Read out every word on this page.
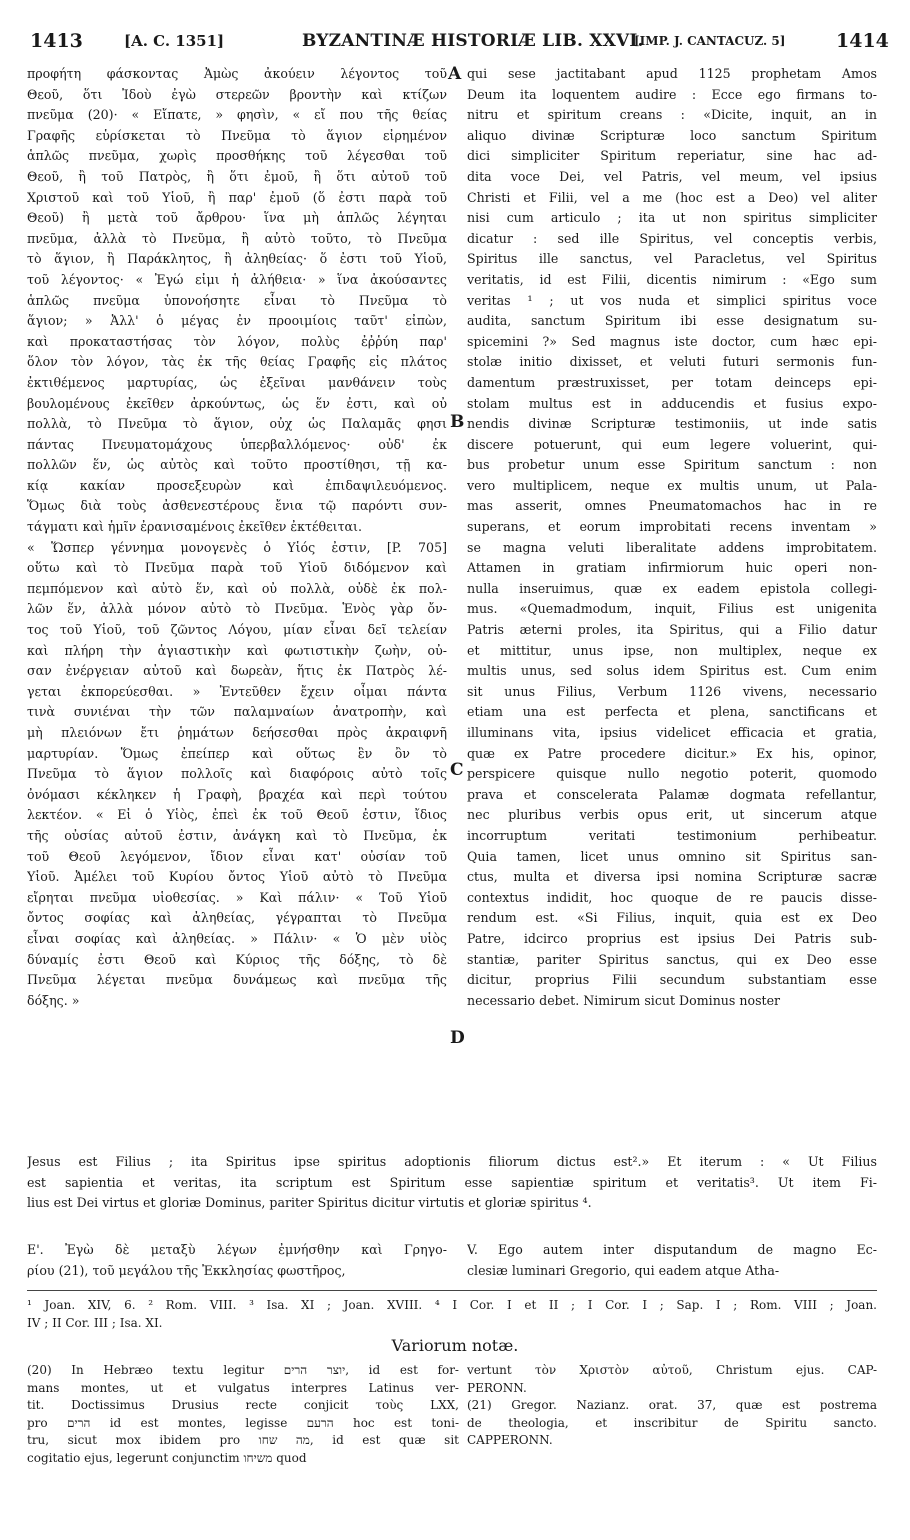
1413	[A. C. 1351]	BYZANTINÆ HISTORIÆ LIB. XXVI.
[IMP. J. CANTACUZ. 5]	1414
προφήτη φάσκοντας Ἀμὼς ἀκούειν λέγοντος τοῦ
Θεοῦ, ὅτι Ἰδοὺ ἐγὼ στερεῶν βροντὴν καὶ κτίζων
πνεῦμα (20)· « Εἴπατε, » φησὶν, « εἴ που τῆς θείας
Γραφῆς εὑρίσκεται τὸ Πνεῦμα τὸ ἅγιον εἰρημένον
ἁπλῶς πνεῦμα, χωρὶς προσθήκης τοῦ λέγεσθαι τοῦ
Θεοῦ, ἢ τοῦ Πατρὸς, ἢ ὅτι ἐμοῦ, ἢ ὅτι αὐτοῦ τοῦ
Χριστοῦ καὶ τοῦ Υἱοῦ, ἢ παρ' ἐμοῦ (ὅ ἐστι παρὰ τοῦ
Θεοῦ) ἢ μετὰ τοῦ ἄρθρου· ἵνα μὴ ἁπλῶς λέγηται
πνεῦμα, ἀλλὰ τὸ Πνεῦμα, ἢ αὐτὸ τοῦτο, τὸ Πνεῦμα
τὸ ἅγιον, ἢ Παράκλητος, ἢ ἀληθείας· ὅ ἐστι τοῦ Υἱοῦ,
τοῦ λέγοντος· « Ἐγώ εἰμι ἡ ἀλήθεια· » ἵνα ἀκούσαντες
ἁπλῶς πνεῦμα ὑπονοήσητε εἶναι τὸ Πνεῦμα τὸ
ἅγιον; » Ἀλλ' ὁ μέγας ἐν προοιμίοις ταῦτ' εἰπὼν,
καὶ προκαταστήσας τὸν λόγον, πολὺς ἐῤῥύη παρ'
ὅλον τὸν λόγον, τὰς ἐκ τῆς θείας Γραφῆς εἰς πλάτος
ἐκτιθέμενος μαρτυρίας, ὡς ἐξεῖναι μανθάνειν τοὺς
βουλομένους ἐκεῖθεν ἀρκούντως, ὡς ἕν ἐστι, καὶ οὐ
πολλὰ, τὸ Πνεῦμα τὸ ἅγιον, οὐχ ὡς Παλαμᾶς φησι
πάντας Πνευματομάχους ὑπερβαλλόμενος· οὐδ' ἐκ
πολλῶν ἕν, ὡς αὐτὸς καὶ τοῦτο προστίθησι, τῇ κα-
κίᾳ κακίαν προσεξευρὼν καὶ ἐπιδαψιλευόμενος.
Ὅμως διὰ τοὺς ἀσθενεστέρους ἔνια τῷ παρόντι συν-
τάγματι καὶ ἡμῖν ἐρανισαμένοις ἐκεῖθεν ἐκτέθειται.
« Ὥσπερ γέννημα μονογενὲς ὁ Υἱός ἐστιν, [P. 705]
οὕτω καὶ τὸ Πνεῦμα παρὰ τοῦ Υἱοῦ διδόμενον καὶ
πεμπόμενον καὶ αὐτὸ ἕν, καὶ οὐ πολλὰ, οὐδὲ ἐκ πολ-
λῶν ἕν, ἀλλὰ μόνον αὐτὸ τὸ Πνεῦμα. Ἑνὸς γὰρ ὄν-
τος τοῦ Υἱοῦ, τοῦ ζῶντος Λόγου, μίαν εἶναι δεῖ τελείαν
καὶ πλήρη τὴν ἁγιαστικὴν καὶ φωτιστικὴν ζωὴν, οὐ-
σαν ἐνέργειαν αὐτοῦ καὶ δωρεὰν, ἥτις ἐκ Πατρὸς λέ-
γεται ἐκπορεύεσθαι. » Ἐντεῦθεν ἔχειν οἶμαι πάντα
τινὰ συνιέναι τὴν τῶν παλαμναίων ἀνατροπὴν, καὶ
μὴ πλειόνων ἔτι ῥημάτων δεήσεσθαι πρὸς ἀκραιφνῆ
μαρτυρίαν. Ὅμως ἐπείπερ καὶ οὕτως ἓν ὂν τὸ
Πνεῦμα τὸ ἅγιον πολλοῖς καὶ διαφόροις αὐτὸ τοῖς
ὀνόμασι κέκληκεν ἡ Γραφὴ, βραχέα καὶ περὶ τούτου
λεκτέον. « Εἰ ὁ Υἱὸς, ἐπεὶ ἐκ τοῦ Θεοῦ ἐστιν, ἴδιος
τῆς οὐσίας αὐτοῦ ἐστιν, ἀνάγκη καὶ τὸ Πνεῦμα, ἐκ
τοῦ Θεοῦ λεγόμενον, ἴδιον εἶναι κατ' οὐσίαν τοῦ
Υἱοῦ. Ἀμέλει τοῦ Κυρίου ὄντος Υἱοῦ αὐτὸ τὸ Πνεῦμα
εἴρηται πνεῦμα υἱοθεσίας. » Καὶ πάλιν· « Τοῦ Υἱοῦ
ὄντος σοφίας καὶ ἀληθείας, γέγραπται τὸ Πνεῦμα
εἶναι σοφίας καὶ ἀληθείας. » Πάλιν· « Ὁ μὲν υἱὸς
δύναμίς ἐστι Θεοῦ καὶ Κύριος τῆς δόξης, τὸ δὲ
Πνεῦμα λέγεται πνεῦμα δυνάμεως καὶ πνεῦμα τῆς
δόξης. »
qui sese jactitabant apud 1125 prophetam Amos
Deum ita loquentem audire : Ecce ego firmans to-
nitru et spiritum creans : «Dicite, inquit, an in
aliquo divinæ Scripturæ loco sanctum Spiritum
dici simpliciter Spiritum reperiatur, sine hac ad-
dita voce Dei, vel Patris, vel meum, vel ipsius
Christi et Filii, vel a me (hoc est a Deo) vel aliter
nisi cum articulo ; ita ut non spiritus simpliciter
dicatur : sed ille Spiritus, vel conceptis verbis,
Spiritus ille sanctus, vel Paracletus, vel Spiritus
veritatis, id est Filii, dicentis nimirum : «Ego sum
veritas ¹ ; ut vos nuda et simplici spiritus voce
audita, sanctum Spiritum ibi esse designatum su-
spicemini ?» Sed magnus iste doctor, cum hæc epi-
stolæ initio dixisset, et veluti futuri sermonis fun-
damentum præstruxisset, per totam deinceps epi-
stolam multus est in adducendis et fusius expo-
nendis divinæ Scripturæ testimoniis, ut inde satis
discere potuerunt, qui eum legere voluerint, qui-
bus probetur unum esse Spiritum sanctum : non
vero multiplicem, neque ex multis unum, ut Pala-
mas asserit, omnes Pneumatomachos hac in re
superans, et eorum improbitati recens inventam »
se magna veluti liberalitate addens improbitatem.
Attamen in gratiam infirmiorum huic operi non-
nulla inseruimus, quæ ex eadem epistola collegi-
mus. «Quemadmodum, inquit, Filius est unigenita
Patris æterni proles, ita Spiritus, qui a Filio datur
et mittitur, unus ipse, non multiplex, neque ex
multis unus, sed solus idem Spiritus est. Cum enim
sit unus Filius, Verbum 1126 vivens, necessario
etiam una est perfecta et plena, sanctificans et
illuminans vita, ipsius videlicet efficacia et gratia,
quæ ex Patre procedere dicitur.» Ex his, opinor,
perspicere quisque nullo negotio poterit, quomodo
prava et conscelerata Palamæ dogmata refellantur,
nec pluribus verbis opus erit, ut sincerum atque
incorruptum veritati testimonium perhibeatur.
Quia tamen, licet unus omnino sit Spiritus san-
ctus, multa et diversa ipsi nomina Scripturæ sacræ
contextus indidit, hoc quoque de re paucis disse-
rendum est. «Si Filius, inquit, quia est ex Deo
Patre, idcirco proprius est ipsius Dei Patris sub-
stantiæ, pariter Spiritus sanctus, qui ex Deo esse
dicitur, proprius Filii secundum substantiam esse
necessario debet. Nimirum sicut Dominus noster
A
B
C
D
Jesus est Filius ; ita Spiritus ipse spiritus adoptionis filiorum dictus est².» Et iterum : « Ut Filius
est sapientia et veritas, ita scriptum est Spiritum esse sapientiæ spiritum et veritatis³. Ut item Fi-
lius est Dei virtus et gloriæ Dominus, pariter Spiritus dicitur virtutis et gloriæ spiritus ⁴.
Ε'. Ἐγὼ δὲ μεταξὺ λέγων ἐμνήσθην καὶ Γρηγο-
ρίου (21), τοῦ μεγάλου τῆς Ἐκκλησίας φωστῆρος,
V. Ego autem inter disputandum de magno Ec-
clesiæ luminari Gregorio, qui eadem atque Atha-
¹ Joan. XIV, 6. ² Rom. VIII. ³ Isa. XI ; Joan. XVIII. ⁴ I Cor. I et II ; I Cor. I ; Sap. I ; Rom. VIII ; Joan.
IV ; II Cor. III ; Isa. XI.
Variorum notæ.
(20) In Hebræo textu legitur יוצר הרים, id est for-
mans montes, ut et vulgatus interpres Latinus ver-
tit. Doctissimus Drusius recte conjicit τοὺς LXX,
pro הרים id est montes, legisse הרעם hoc est toni-
tru, sicut mox ibidem pro מה שחו, id est quæ sit
cogitatio ejus, legerunt conjunctim משיחו quod
vertunt τὸν Χριστὸν αὐτοῦ, Christum ejus. CAP-
PERONN.
(21) Gregor. Nazianz. orat. 37, quæ est postrema
de theologia, et inscribitur de Spiritu sancto.
CAPPERONN.
